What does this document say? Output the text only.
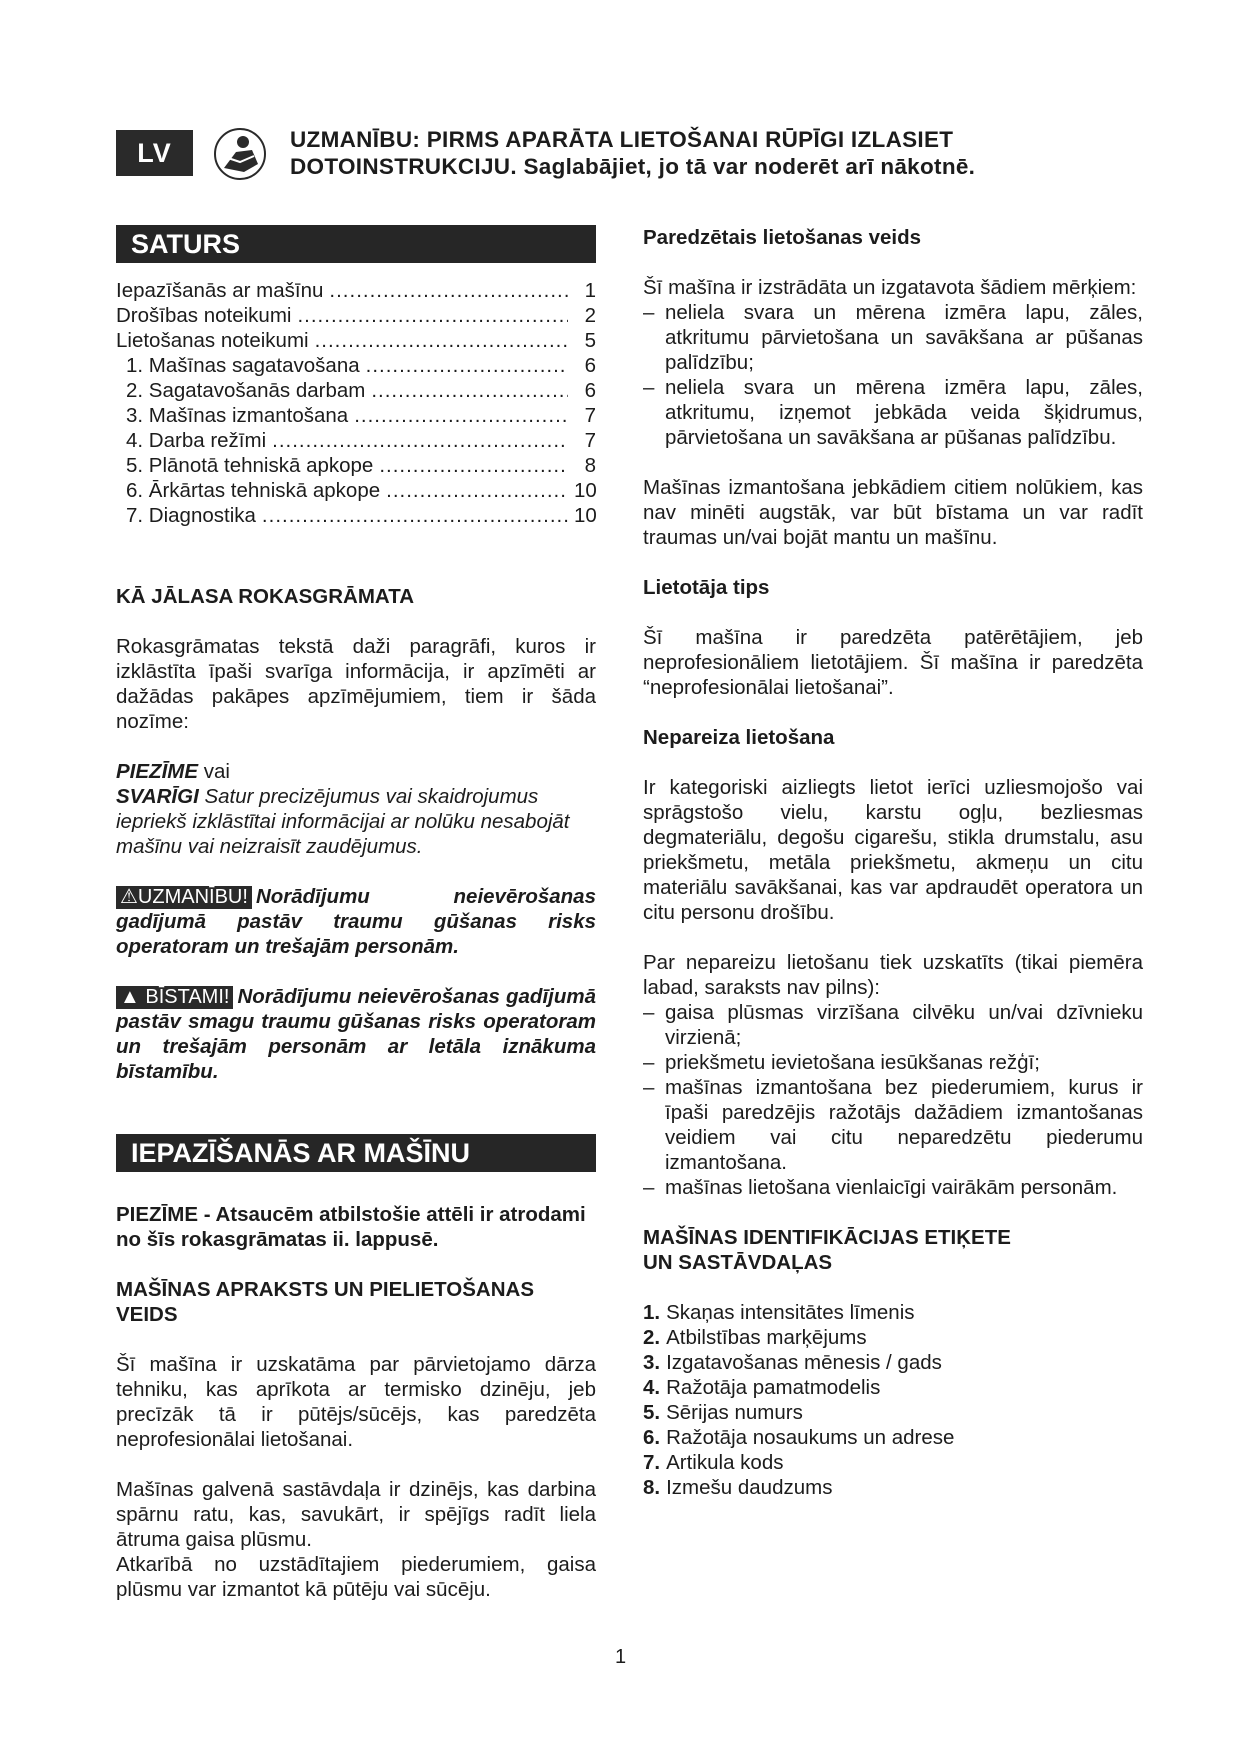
LV	UZMANĪBU: PIRMS APARĀTA LIETOŠANAI RŪPĪGI IZLASIET
DOTOINSTRUKCIJU. Saglabājiet, jo tā var noderēt arī nākotnē.
SATURS
Iepazīšanās ar mašīnu .....	1
Drošības noteikumi .....	2
Lietošanas noteikumi .....	5
1. Mašīnas sagatavošana .....	6
2. Sagatavošanās darbam .....	6
3. Mašīnas izmantošana .....	7
4. Darba režīmi .....	7
5. Plānotā tehniskā apkope .....	8
6. Ārkārtas tehniskā apkope .....	10
7. Diagnostika .....	10
KĀ JĀLASA ROKASGRĀMATA

Rokasgrāmatas tekstā daži paragrāfi, kuros ir izklāstīta īpaši svarīga informācija, ir apzīmēti ar dažādas pakāpes apzīmējumiem, tiem ir šāda nozīme:

PIEZĪME vai

SVARĪGI Satur precizējumus vai skaidrojumus iepriekš izklāstītai informācijai ar nolūku nesabojāt mašīnu vai neizraisīt zaudējumus.

⚠UZMANĪBU! Norādījumu neievērošanas gadījumā pastāv traumu gūšanas risks operatoram un trešajām personām.

▲ BĪSTAMI! Norādījumu neievērošanas gadījumā pastāv smagu traumu gūšanas risks operatoram un trešajām personām ar letāla iznākuma bīstamību.

IEPAZĪŠANĀS AR MAŠĪNU

PIEZĪME - Atsaucēm atbilstošie attēli ir atrodami no šīs rokasgrāmatas ii. lappusē.

MAŠĪNAS APRAKSTS UN PIELIETOŠANAS VEIDS

Šī mašīna ir uzskatāma par pārvietojamo dārza tehniku, kas aprīkota ar termisko dzinēju, jeb precīzāk tā ir pūtējs/sūcējs, kas paredzēta neprofesionālai lietošanai.

Mašīnas galvenā sastāvdaļa ir dzinējs, kas darbina spārnu ratu, kas, savukārt, ir spējīgs radīt liela ātruma gaisa plūsmu.

Atkarībā no uzstādītajiem piederumiem, gaisa plūsmu var izmantot kā pūtēju vai sūcēju.

Paredzētais lietošanas veids

Šī mašīna ir izstrādāta un izgatavota šādiem mērķiem:

– neliela svara un mērena izmēra lapu, zāles, atkritumu pārvietošana un savākšana ar pūšanas palīdzību;
– neliela svara un mērena izmēra lapu, zāles, atkritumu, izņemot jebkāda veida šķidrumus, pārvietošana un savākšana ar pūšanas palīdzību.

Mašīnas izmantošana jebkādiem citiem nolūkiem, kas nav minēti augstāk, var būt bīstama un var radīt traumas un/vai bojāt mantu un mašīnu.

Lietotāja tips

Šī mašīna ir paredzēta patērētājiem, jeb neprofesionāliem lietotājiem. Šī mašīna ir paredzēta “neprofesionālai lietošanai”.

Nepareiza lietošana

Ir kategoriski aizliegts lietot ierīci uzliesmojošo vai sprāgstošo vielu, karstu ogļu, bezliesmas degmateriālu, degošu cigarešu, stikla drumstalu, asu priekšmetu, metāla priekšmetu, akmeņu un citu materiālu savākšanai, kas var apdraudēt operatora un citu personu drošību.

Par nepareizu lietošanu tiek uzskatīts (tikai piemēra labad, saraksts nav pilns):

– gaisa plūsmas virzīšana cilvēku un/vai dzīvnieku virzienā;
– priekšmetu ievietošana iesūkšanas režģī;
– mašīnas izmantošana bez piederumiem, kurus ir īpaši paredzējis ražotājs dažādiem izmantošanas veidiem vai citu neparedzētu piederumu izmantošana.
– mašīnas lietošana vienlaicīgi vairākām personām.
MAŠĪNAS IDENTIFIKĀCIJAS ETIĶETE
UN SASTĀVDAĻAS
1. Skaņas intensitātes līmenis
2. Atbilstības marķējums
3. Izgatavošanas mēnesis / gads
4. Ražotāja pamatmodelis
5. Sērijas numurs
6. Ražotāja nosaukums un adrese
7. Artikula kods
8. Izmešu daudzums
1
